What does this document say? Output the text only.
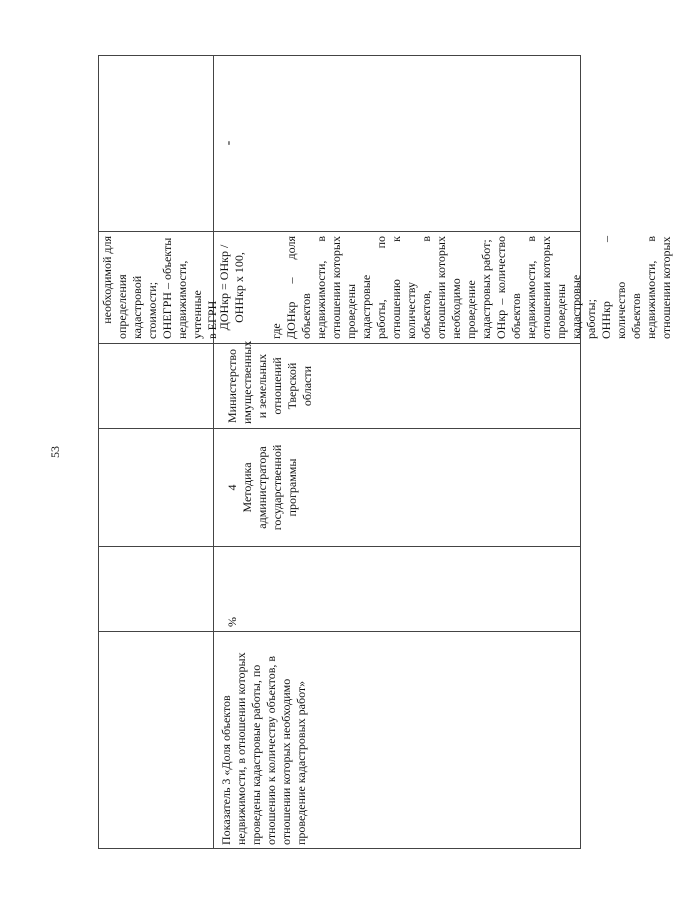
53
необходимой для определения кадастровой стоимости; ОНЕГРН – объекты недвижимости, учтенные в ЕГРН
Показатель 3 «Доля объектов недвижимости, в отношении которых проведены кадастровые работы, по отношению к количеству объектов, в отношении которых необходимо проведение кадастровых работ»
%
4 Методика администратора государственной программы
Министерство имущественных и земельных отношений Тверской области
ДОНкр = ОНкр / ОНHкр х 100,
где ДОНкр – доля объектов недвижимости, в отношении которых проведены кадастровые работы, по отношению к количеству объектов, в отношении которых необходимо проведение кадастровых работ; ОНкр – количество объектов недвижимости, в отношении которых проведены кадастровые работы; ОНHкр – количество объектов недвижимости, в отношении которых
-
